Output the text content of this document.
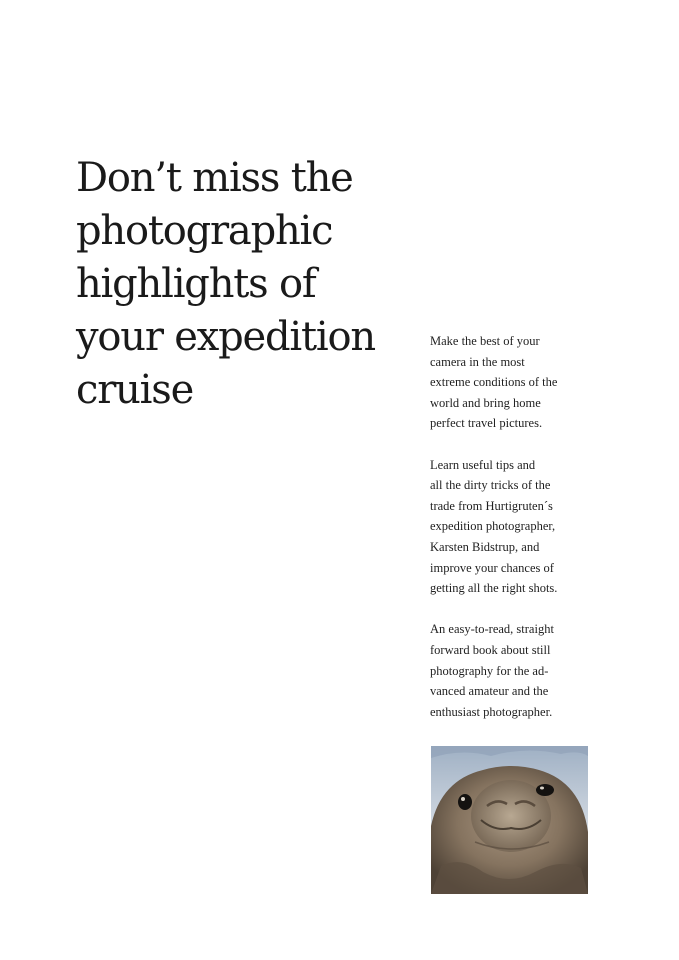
Don’t miss the
photographic
highlights of
your expedition
cruise

Make the best of your
camera in the most
extreme conditions of the
world and bring home
perfect travel pictures.

Learn useful tips and
all the dirty tricks of the
trade from Hurtigruten´s
expedition photographer,
Karsten Bidstrup, and
improve your chances of
getting all the right shots.

An easy-to-read, straight
forward book about still
photography for the ad-
vanced amateur and the
enthusiast photographer.
